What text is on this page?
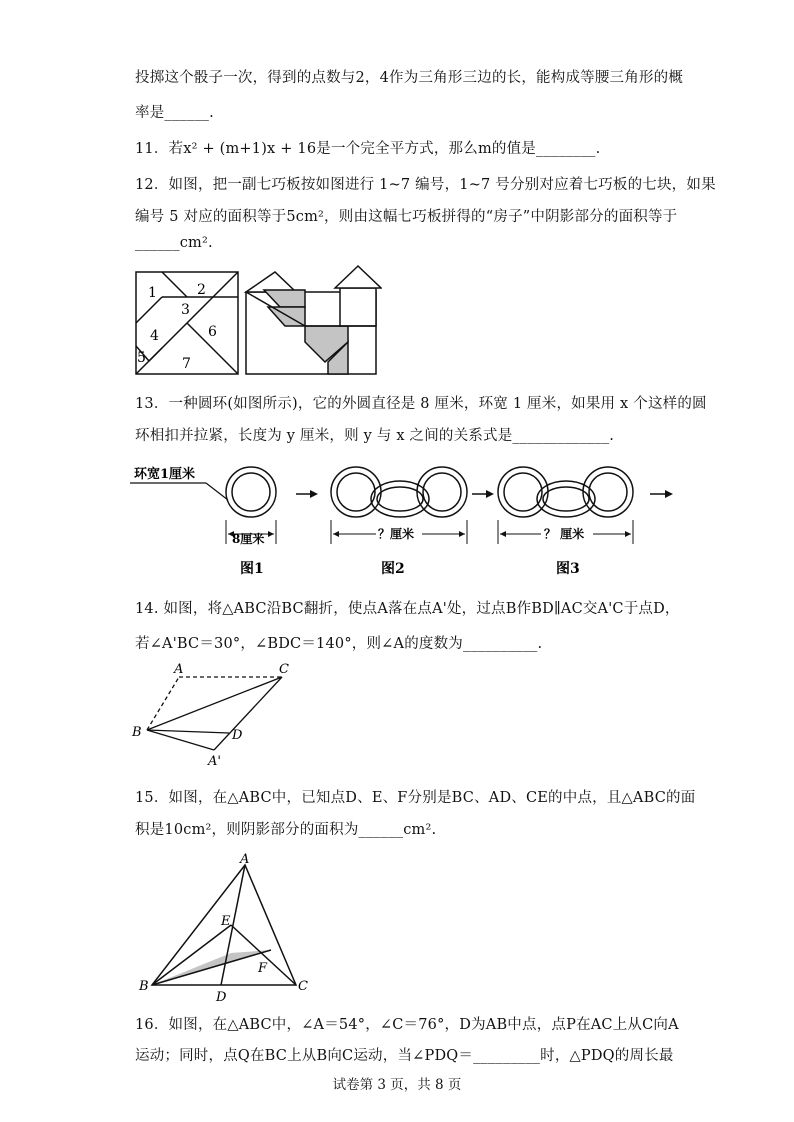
投掷这个骰子一次，得到的点数与2，4作为三角形三边的长，能构成等腰三角形的概
率是______.
11．若x² + (m+1)x + 16是一个完全平方式，那么m的值是________.
12．如图，把一副七巧板按如图进行 1~7 编号，1~7 号分别对应着七巧板的七块，如果
编号 5 对应的面积等于5cm²，则由这幅七巧板拼得的“房子”中阴影部分的面积等于
______cm².
1	2
3
4
5
6
7
13．一种圆环(如图所示)，它的外圆直径是 8 厘米，环宽 1 厘米，如果用 x 个这样的圆
环相扣并拉紧，长度为 y 厘米，则 y 与 x 之间的关系式是_____________.
环宽1厘米
8厘米
图1
？厘米
图2
？ 厘米
图3
14. 如图，将△ABC沿BC翻折，使点A落在点A'处，过点B作BD∥AC交A'C于点D，
若∠A'BC＝30°，∠BDC＝140°，则∠A的度数为__________.
A	C
B	D
A'
15．如图，在△ABC中，已知点D、E、F分别是BC、AD、CE的中点，且△ABC的面
积是10cm²，则阴影部分的面积为______cm².
A
B	C
D
E
F
16．如图，在△ABC中，∠A＝54°，∠C＝76°，D为AB中点，点P在AC上从C向A
运动；同时，点Q在BC上从B向C运动，当∠PDQ＝_________时，△PDQ的周长最
试卷第 3 页，共 8 页
